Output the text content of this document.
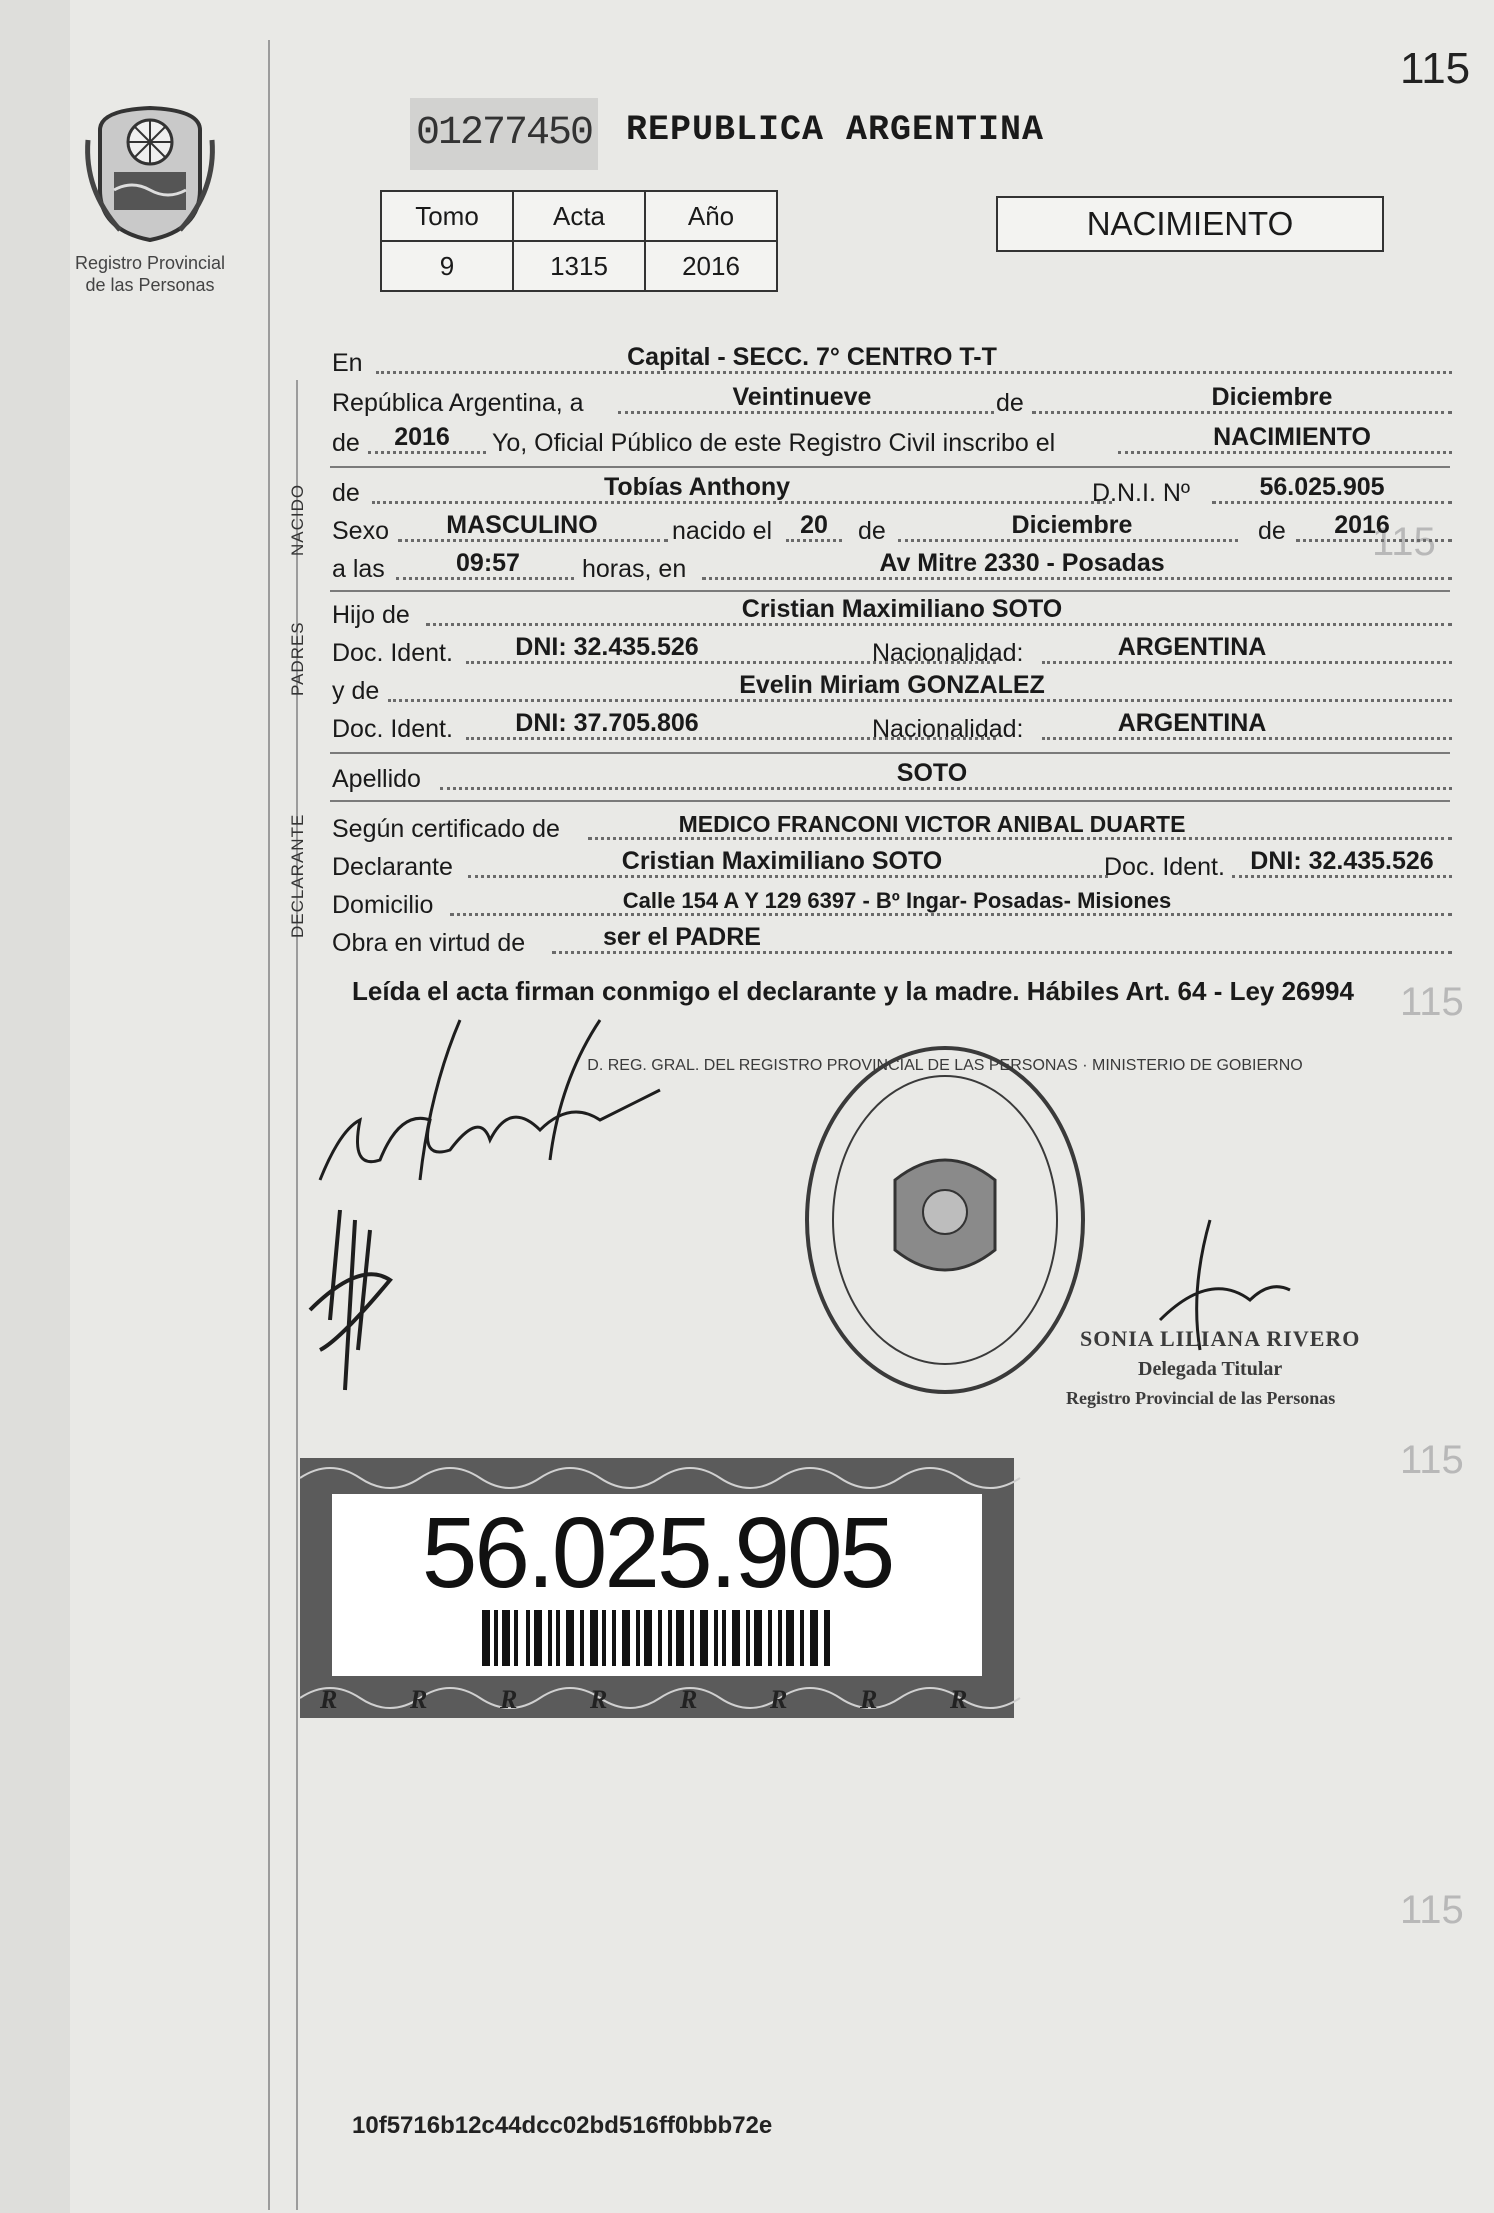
115
Registro Provincial
de las Personas
01277450 REPUBLICA ARGENTINA
Tomo	Acta	Año
9	1315	2016
NACIMIENTO
115
115
115
115
NACIDO
PADRES
DECLARANTE
En	Capital - SECC. 7° CENTRO T-T
República Argentina, a	Veintinueve	de	Diciembre
de	2016	Yo, Oficial Público de este Registro Civil inscribo el	NACIMIENTO
de	Tobías Anthony	D.N.I. Nº	56.025.905
Sexo	MASCULINO	nacido el	20	de	Diciembre	de	2016
a las	09:57	horas, en	Av Mitre 2330 - Posadas
Hijo de	Cristian Maximiliano SOTO
Doc. Ident.	DNI: 32.435.526	Nacionalidad:	ARGENTINA
y de	Evelin Miriam GONZALEZ
Doc. Ident.	DNI: 37.705.806	Nacionalidad:	ARGENTINA
Apellido	SOTO
Según certificado de	MEDICO FRANCONI VICTOR ANIBAL DUARTE
Declarante	Cristian Maximiliano SOTO	Doc. Ident.	DNI: 32.435.526
Domicilio	Calle 154 A Y 129 6397 - Bº Ingar- Posadas- Misiones
Obra en virtud de	ser el PADRE
Leída el acta firman conmigo el declarante y la madre. Hábiles Art. 64 - Ley 26994
D. REG. GRAL. DEL REGISTRO PROVINCIAL DE LAS PERSONAS · MINISTERIO DE GOBIERNO
SONIA LILIANA RIVERO
Delegada Titular
Registro Provincial de las Personas
R	R	R	R	R	R	R	R
56.025.905
10f5716b12c44dcc02bd516ff0bbb72e
